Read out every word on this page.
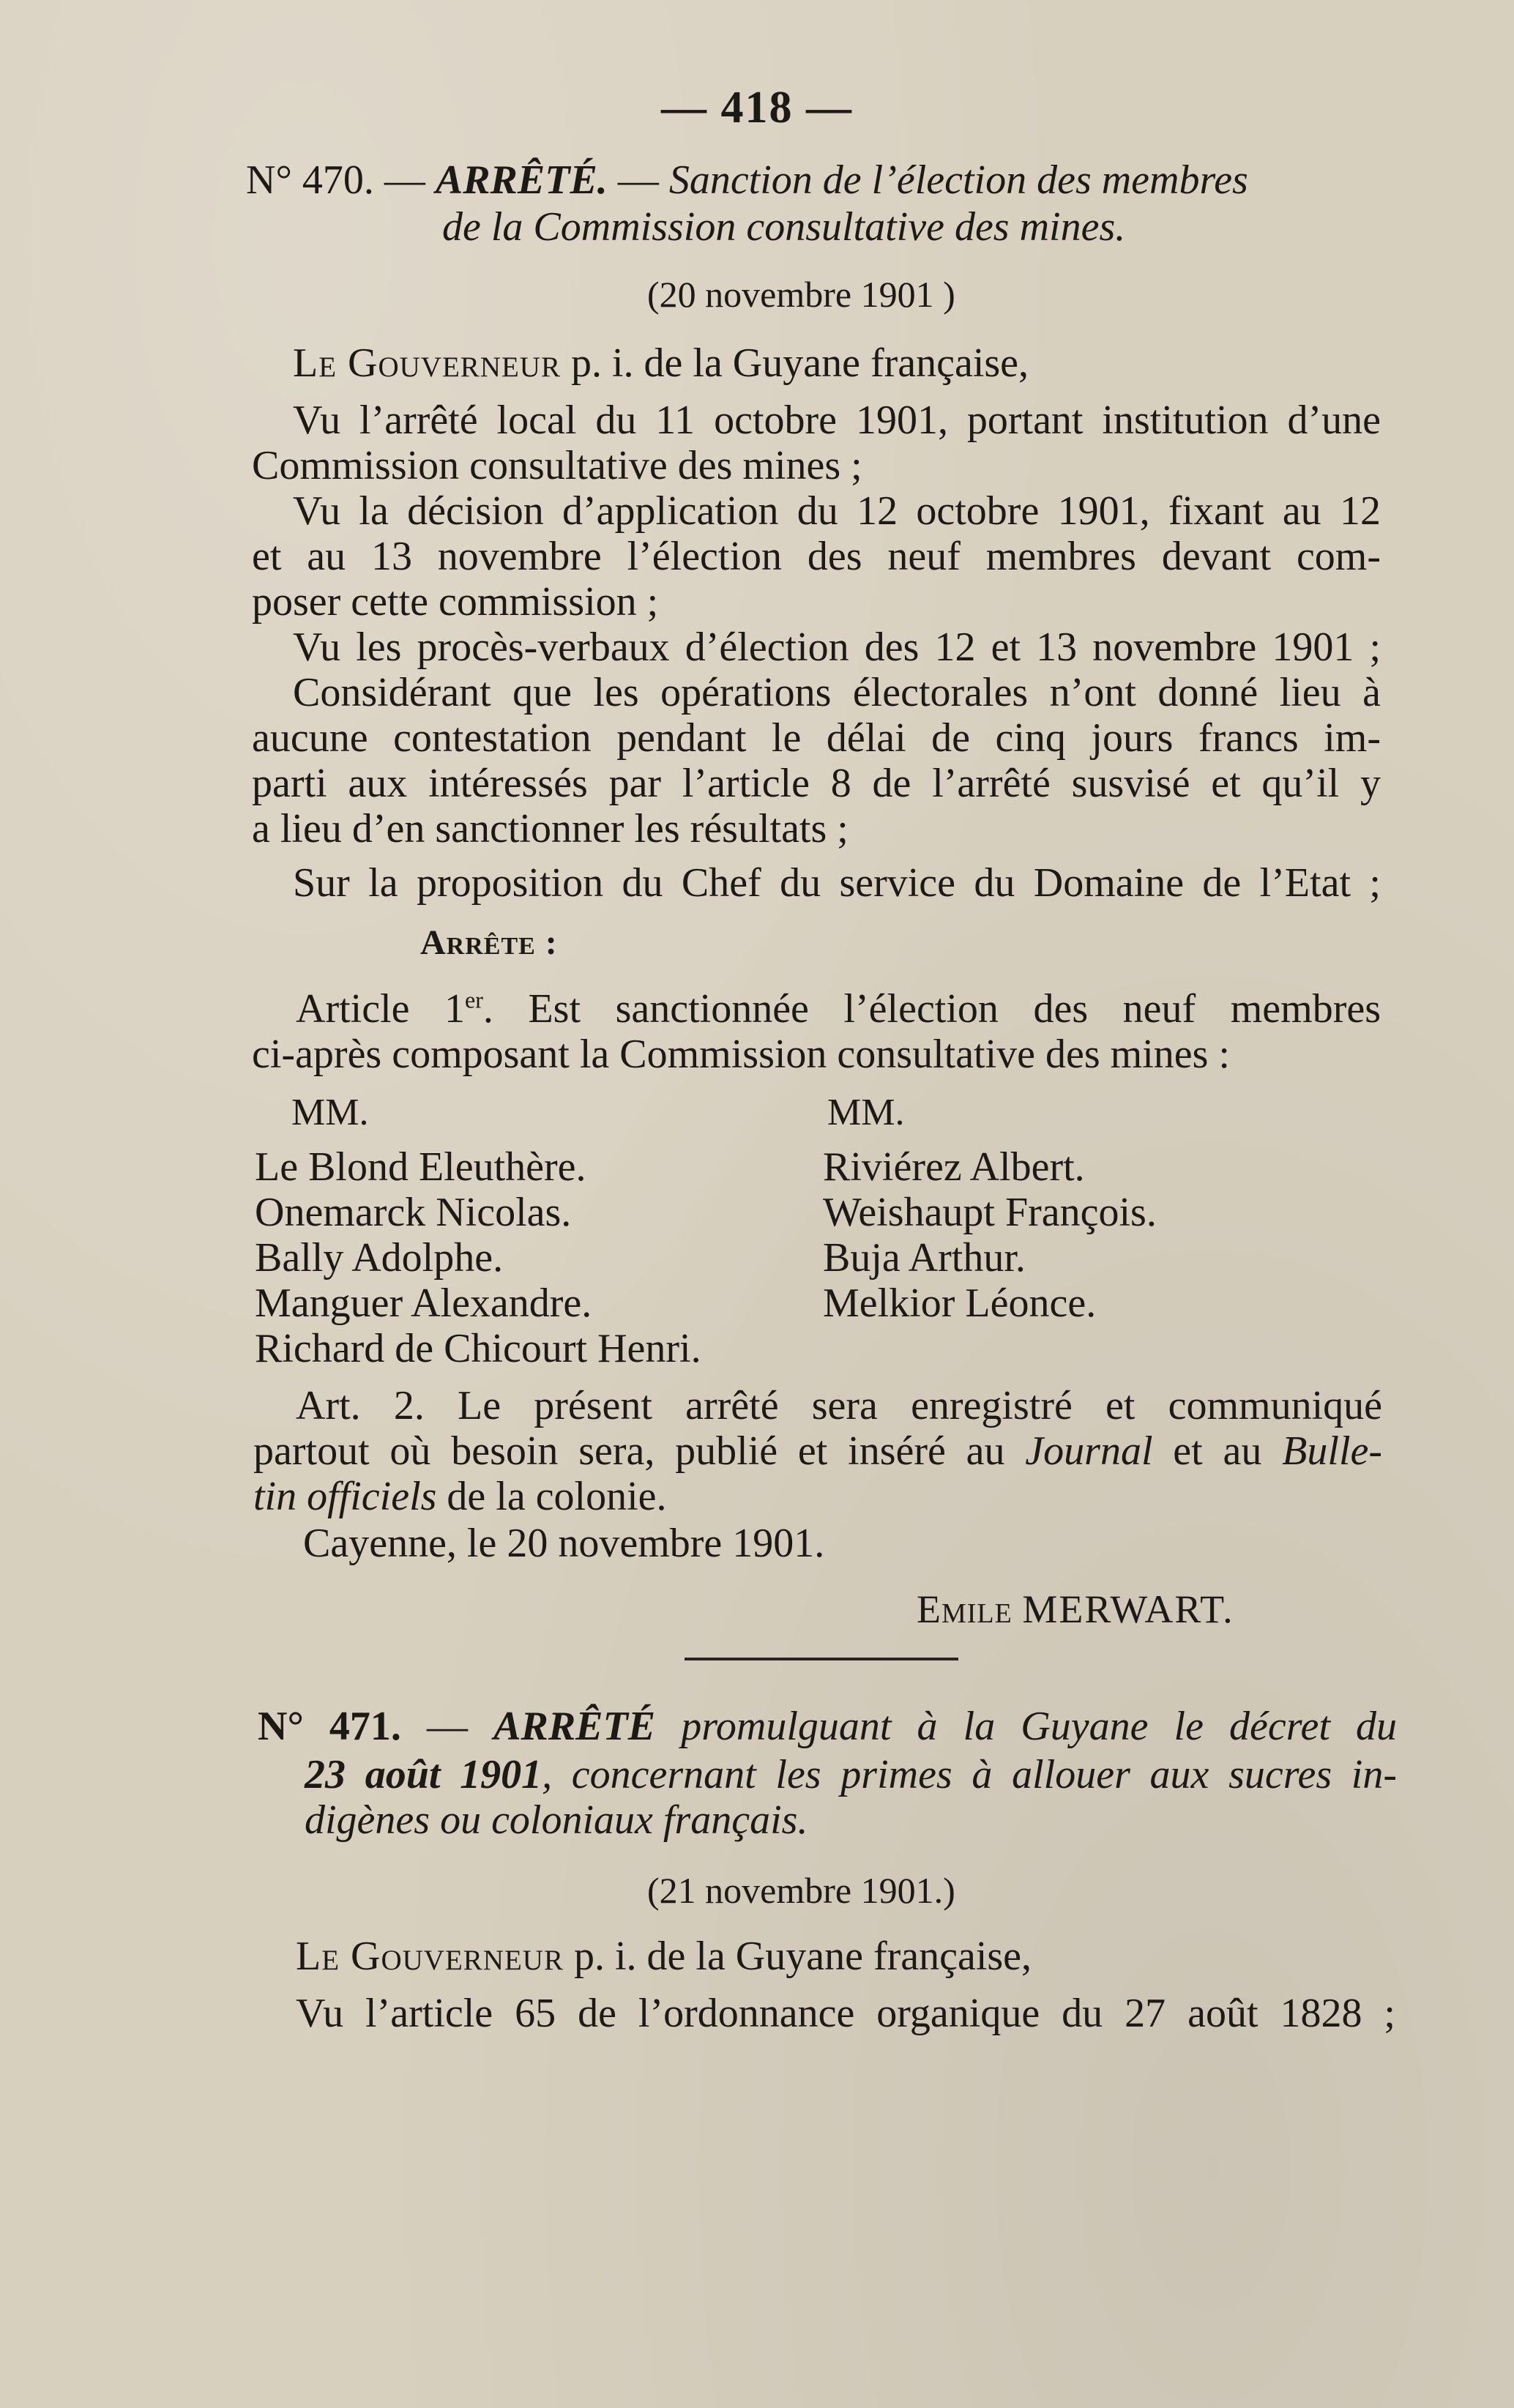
— 418 —
N° 470. — ARRÊTÉ. — Sanction de l’élection des membres
de la Commission consultative des mines.
(20 novembre 1901 )
Le Gouverneur p. i. de la Guyane française,
Vu l’arrêté local du 11 octobre 1901, portant institution d’une
Commission consultative des mines ;
Vu la décision d’application du 12 octobre 1901, fixant au 12
et au 13 novembre l’élection des neuf membres devant com-
poser cette commission ;
Vu les procès-verbaux d’élection des 12 et 13 novembre 1901 ;
Considérant que les opérations électorales n’ont donné lieu à
aucune contestation pendant le délai de cinq jours francs im-
parti aux intéressés par l’article 8 de l’arrêté susvisé et qu’il y
a lieu d’en sanctionner les résultats ;
Sur la proposition du Chef du service du Domaine de l’Etat ;
Arrête :
Article 1er. Est sanctionnée l’élection des neuf membres
ci-après composant la Commission consultative des mines :
MM.	MM.
Le Blond Eleuthère.
Onemarck Nicolas.
Bally Adolphe.
Manguer Alexandre.
Richard de Chicourt Henri.
Riviérez Albert.
Weishaupt François.
Buja Arthur.
Melkior Léonce.
Art. 2. Le présent arrêté sera enregistré et communiqué
partout où besoin sera, publié et inséré au Journal et au Bulle-
tin officiels de la colonie.
Cayenne, le 20 novembre 1901.
Emile MERWART.
N° 471. — ARRÊTÉ promulguant à la Guyane le décret du
23 août 1901, concernant les primes à allouer aux sucres in-
digènes ou coloniaux français.
(21 novembre 1901.)
Le Gouverneur p. i. de la Guyane française,
Vu l’article 65 de l’ordonnance organique du 27 août 1828 ;
